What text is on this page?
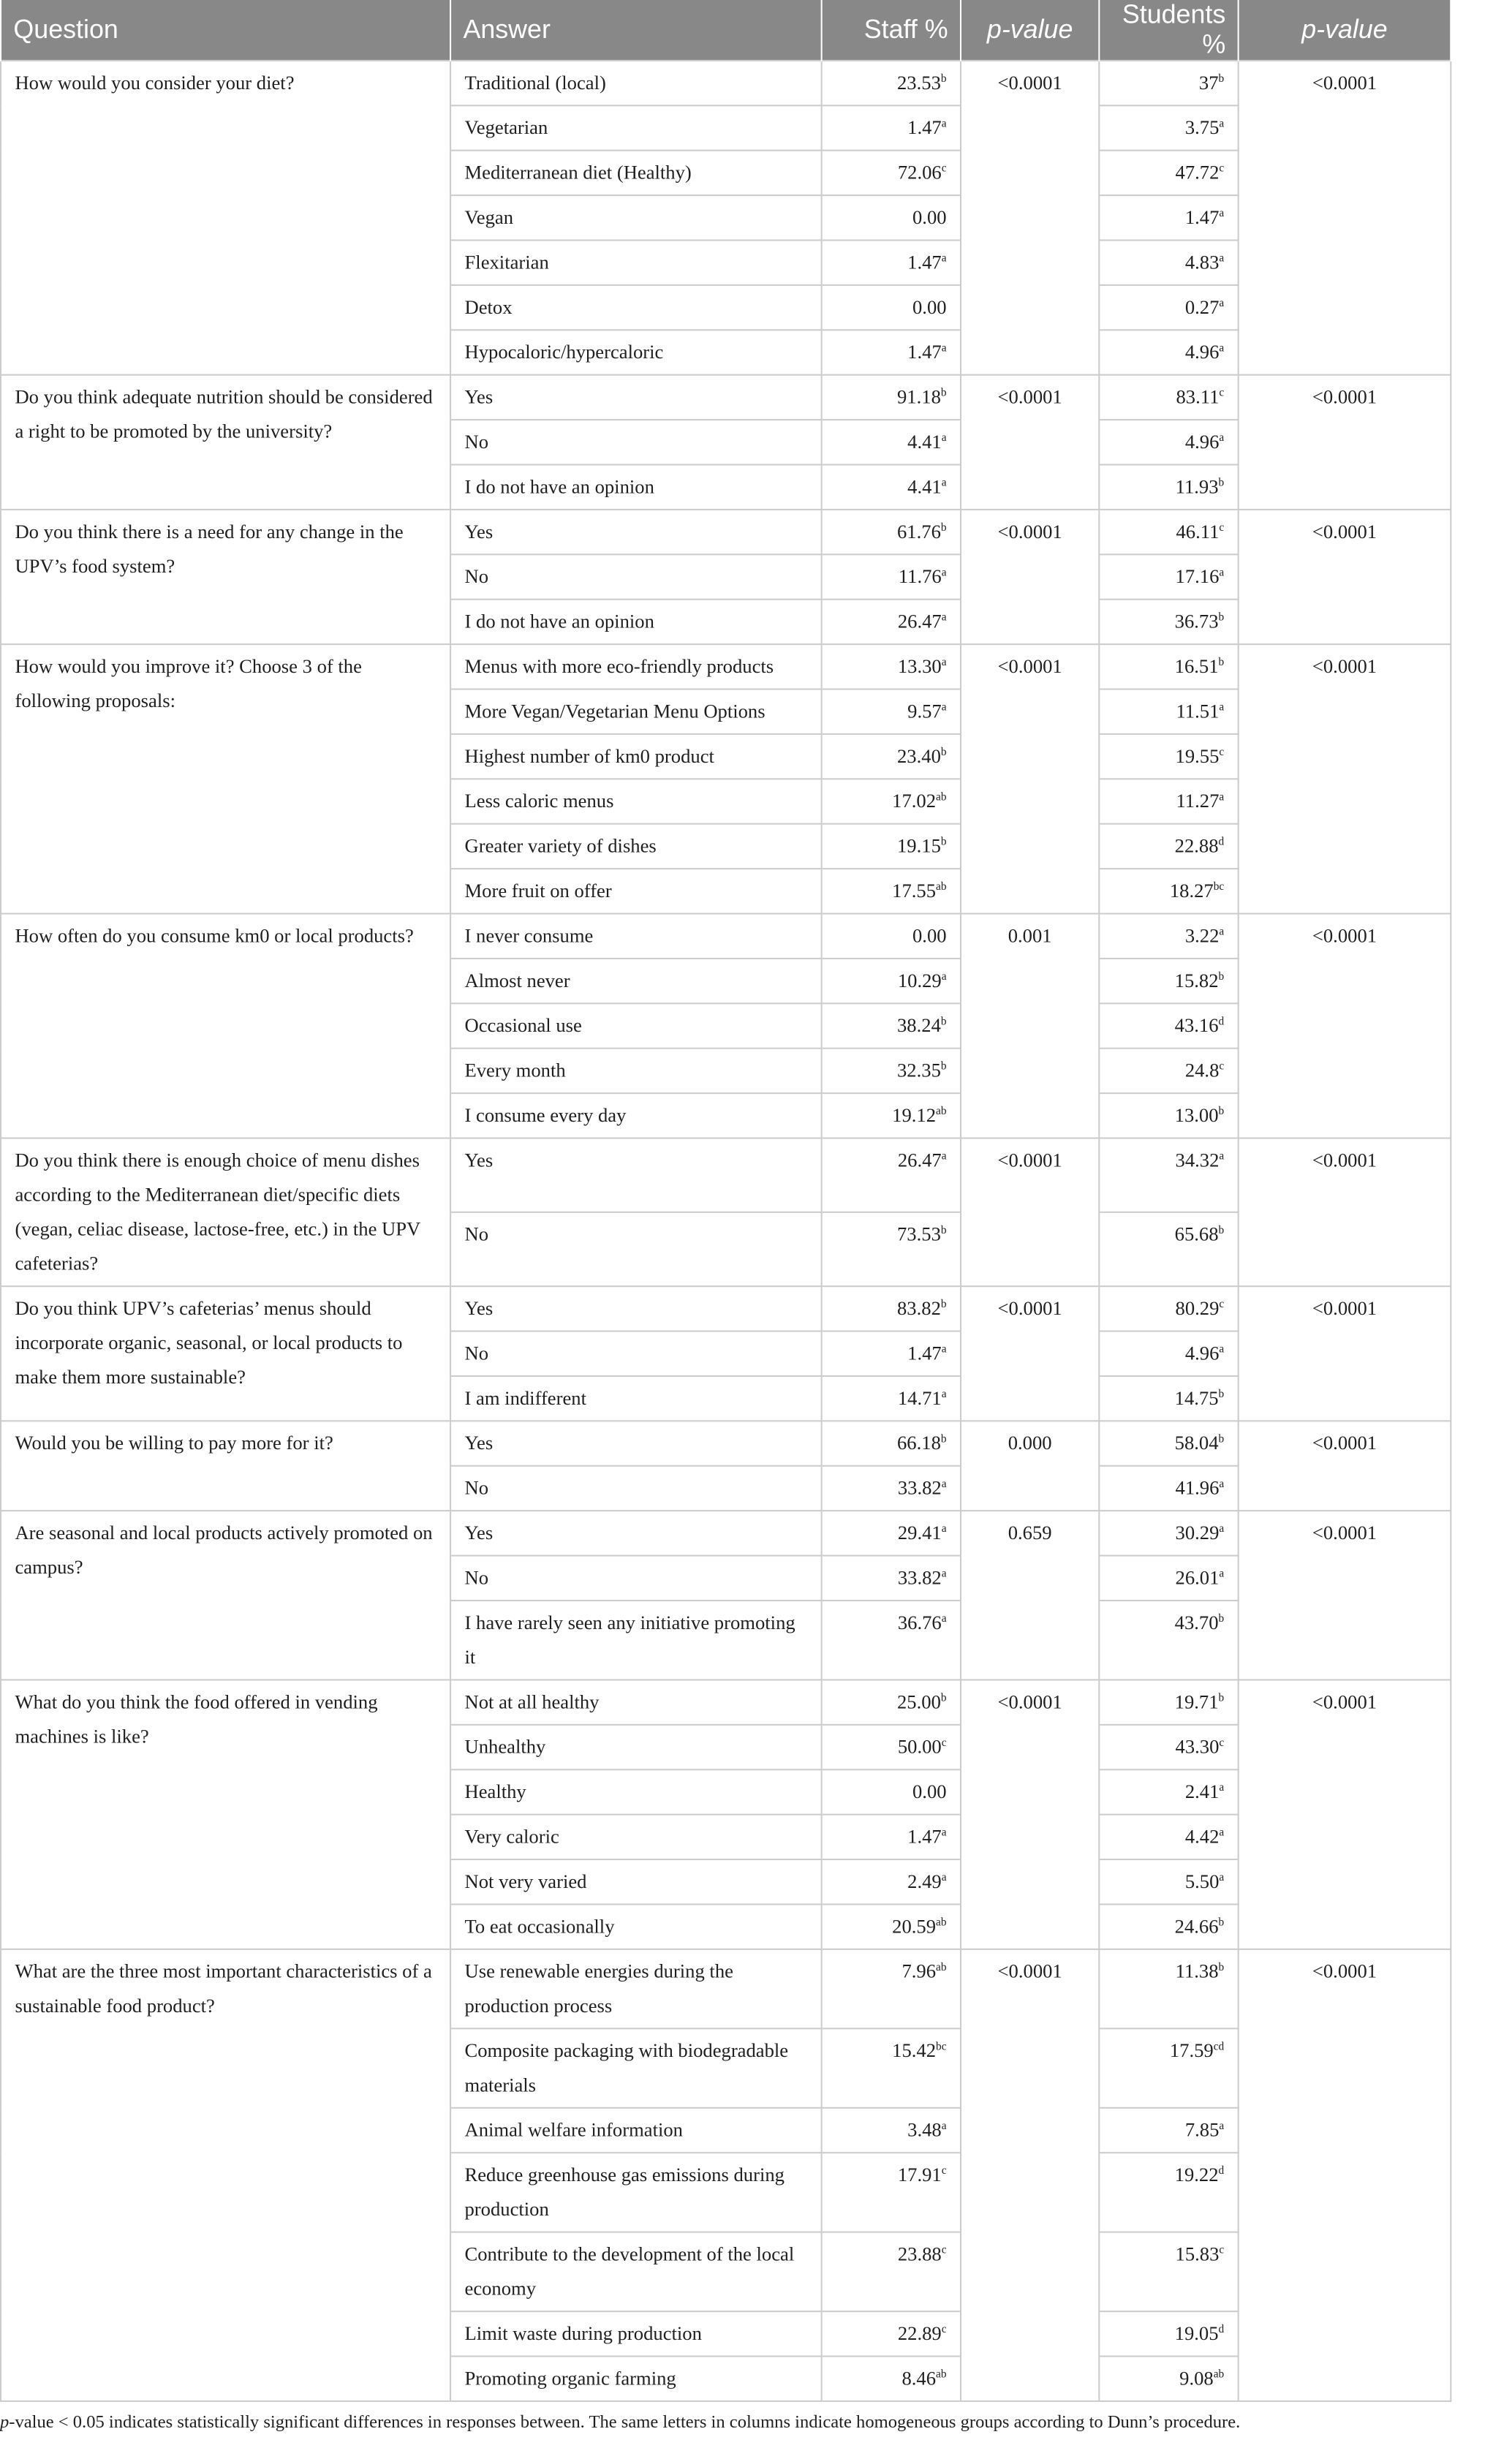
Question	Answer	Staff %	p-value	Students %	p-value
How would you consider your diet?	Traditional (local)	23.53$^b$	<0.0001	$37^b$	<0.0001
	Vegetarian	1.47$^a$		3.75$^a$
	Mediterranean diet (Healthy)	72.06$^c$		47.72$^c$
	Vegan	0.00		1.47$^a$
	Flexitarian	1.47$^a$		4.83$^a$
	Detox	0.00		0.27$^a$
	Hypocaloric/hypercaloric	1.47$^a$		4.96$^a$
Do you think adequate nutrition should be considered a right to be promoted by the university?	Yes	91.18$^b$	<0.0001	83.11$^c$	<0.0001
	No	4.41$^a$		4.96$^a$
	I do not have an opinion	4.41$^a$		11.93$^b$
Do you think there is a need for any change in the UPV’s food system?	Yes	61.76$^b$	<0.0001	46.11$^c$	<0.0001
	No	11.76$^a$		17.16$^a$
	I do not have an opinion	26.47$^a$		36.73$^b$
How would you improve it? Choose 3 of the following proposals:	Menus with more eco-friendly products	13.30$^a$	<0.0001	16.51$^b$	<0.0001
	More Vegan/Vegetarian Menu Options	9.57$^a$		11.51$^a$
	Highest number of km0 product	23.40$^b$		19.55$^c$
	Less caloric menus	17.02$^{ab}$		11.27$^a$
	Greater variety of dishes	19.15$^b$		22.88$^d$
	More fruit on offer	17.55$^{ab}$		18.27$^{bc}$
How often do you consume km0 or local products?	I never consume	0.00	0.001	3.22$^a$	<0.0001
	Almost never	10.29$^a$		15.82$^b$
	Occasional use	38.24$^b$		43.16$^d$
	Every month	32.35$^b$		24.8$^c$
	I consume every day	19.12$^{ab}$		13.00$^b$
Do you think there is enough choice of menu dishes according to the Mediterranean diet/specific diets (vegan, celiac disease, lactose-free, etc.) in the UPV cafeterias?	Yes	26.47$^a$	<0.0001	34.32$^a$	<0.0001
	No	73.53$^b$		65.68$^b$
Do you think UPV’s cafeterias’ menus should incorporate organic, seasonal, or local products to make them more sustainable?	Yes	83.82$^b$	<0.0001	80.29$^c$	<0.0001
	No	1.47$^a$		4.96$^a$
	I am indifferent	14.71$^a$		14.75$^b$
Would you be willing to pay more for it?	Yes	66.18$^b$	0.000	58.04$^b$	<0.0001
	No	33.82$^a$		41.96$^a$
Are seasonal and local products actively promoted on campus?	Yes	29.41$^a$	0.659	30.29$^a$	<0.0001
	No	33.82$^a$		26.01$^a$
	I have rarely seen any initiative promoting it	36.76$^a$		43.70$^b$
What do you think the food offered in vending machines is like?	Not at all healthy	25.00$^b$	<0.0001	19.71$^b$	<0.0001
	Unhealthy	50.00$^c$		43.30$^c$
	Healthy	0.00		2.41$^a$
	Very caloric	1.47$^a$		4.42$^a$
	Not very varied	2.49$^a$		5.50$^a$
	To eat occasionally	20.59$^{ab}$		24.66$^b$
What are the three most important characteristics of a sustainable food product?	Use renewable energies during the production process	7.96$^{ab}$	<0.0001	11.38$^b$	<0.0001
	Composite packaging with biodegradable materials	15.42$^{bc}$		17.59$^{cd}$
	Animal welfare information	3.48$^a$		7.85$^a$
	Reduce greenhouse gas emissions during production	17.91$^c$		19.22$^d$
	Contribute to the development of the local economy	23.88$^c$		15.83$^c$
	Limit waste during production	22.89$^c$		19.05$^d$
	Promoting organic farming	8.46$^{ab}$		9.08$^{ab}$
p-value < 0.05 indicates statistically significant differences in responses between. The same letters in columns indicate homogeneous groups according to Dunn’s procedure.
